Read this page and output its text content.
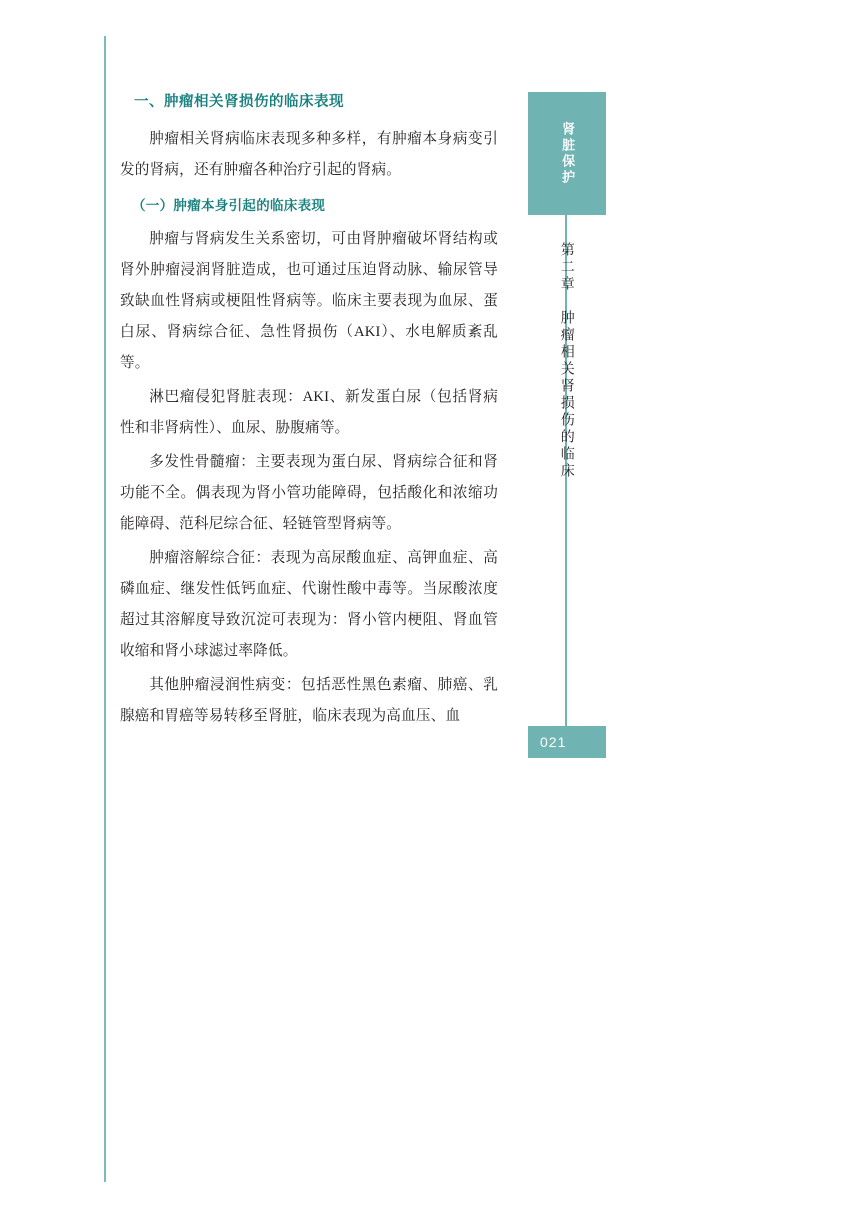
一、肿瘤相关肾损伤的临床表现

肿瘤相关肾病临床表现多种多样，有肿瘤本身病变引发的肾病，还有肿瘤各种治疗引起的肾病。

（一）肿瘤本身引起的临床表现

肿瘤与肾病发生关系密切，可由肾肿瘤破坏肾结构或肾外肿瘤浸润肾脏造成，也可通过压迫肾动脉、输尿管导致缺血性肾病或梗阻性肾病等。临床主要表现为血尿、蛋白尿、肾病综合征、急性肾损伤（AKI）、水电解质紊乱等。

淋巴瘤侵犯肾脏表现：AKI、新发蛋白尿（包括肾病性和非肾病性）、血尿、胁腹痛等。

多发性骨髓瘤：主要表现为蛋白尿、肾病综合征和肾功能不全。偶表现为肾小管功能障碍，包括酸化和浓缩功能障碍、范科尼综合征、轻链管型肾病等。

肿瘤溶解综合征：表现为高尿酸血症、高钾血症、高磷血症、继发性低钙血症、代谢性酸中毒等。当尿酸浓度超过其溶解度导致沉淀可表现为：肾小管内梗阻、肾血管收缩和肾小球滤过率降低。

其他肿瘤浸润性病变：包括恶性黑色素瘤、肺癌、乳腺癌和胃癌等易转移至肾脏，临床表现为高血压、血

肾脏保护
第二章　肿瘤相关肾损伤的临床
021
